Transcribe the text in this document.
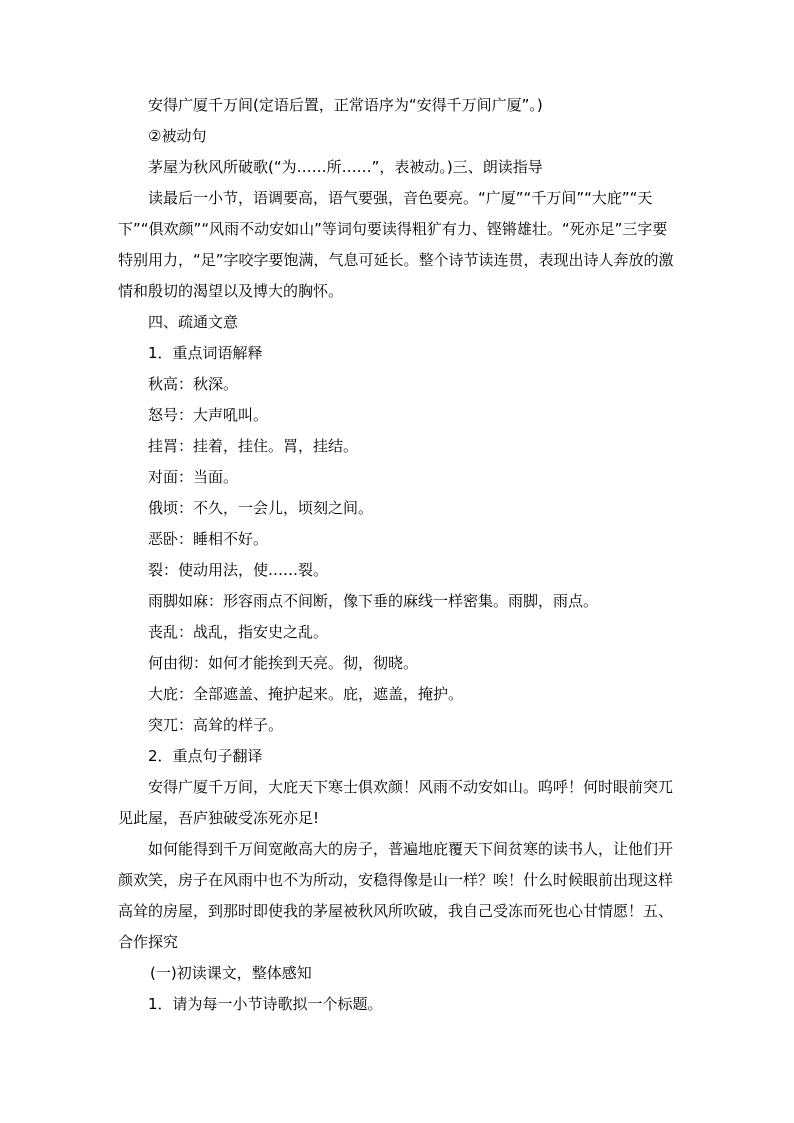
安得广厦千万间(定语后置，正常语序为“安得千万间广厦”。)

②被动句

茅屋为秋风所破歌(“为……所……”，表被动。)三、朗读指导

读最后一小节，语调要高，语气要强，音色要亮。“广厦”“千万间”“大庇”“天下”“俱欢颜”“风雨不动安如山”等词句要读得粗犷有力、铿锵雄壮。“死亦足”三字要特别用力，“足”字咬字要饱满，气息可延长。整个诗节读连贯，表现出诗人奔放的激情和殷切的渴望以及博大的胸怀。

四、疏通文意

1．重点词语解释

秋高：秋深。

怒号：大声吼叫。

挂罥：挂着，挂住。罥，挂结。

对面：当面。

俄顷：不久，一会儿，顷刻之间。

恶卧：睡相不好。

裂：使动用法，使……裂。

雨脚如麻：形容雨点不间断，像下垂的麻线一样密集。雨脚，雨点。

丧乱：战乱，指安史之乱。

何由彻：如何才能挨到天亮。彻，彻晓。

大庇：全部遮盖、掩护起来。庇，遮盖，掩护。

突兀：高耸的样子。

2．重点句子翻译

安得广厦千万间，大庇天下寒士俱欢颜！风雨不动安如山。呜呼！何时眼前突兀见此屋，吾庐独破受冻死亦足!

如何能得到千万间宽敞高大的房子，普遍地庇覆天下间贫寒的读书人，让他们开颜欢笑，房子在风雨中也不为所动，安稳得像是山一样？唉！什么时候眼前出现这样高耸的房屋，到那时即使我的茅屋被秋风所吹破，我自己受冻而死也心甘情愿！五、合作探究

(一)初读课文，整体感知

1．请为每一小节诗歌拟一个标题。
